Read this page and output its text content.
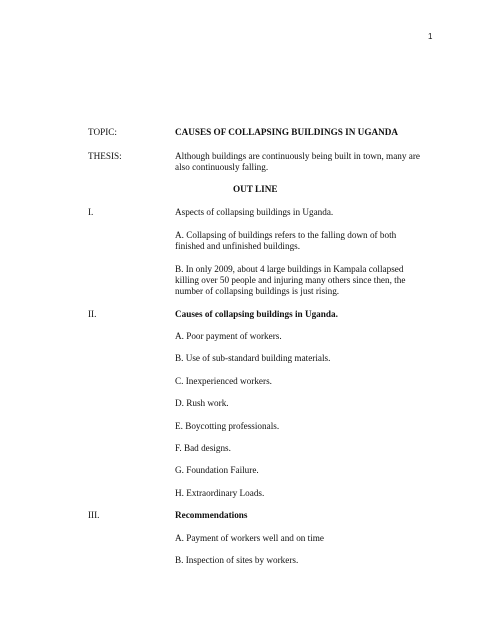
1
TOPIC:	CAUSES OF COLLAPSING BUILDINGS IN UGANDA
THESIS:	Although buildings are continuously being built in town, many are
also continuously falling.
OUT LINE
I.	Aspects of collapsing buildings in Uganda.
A. Collapsing of buildings refers to the falling down of both
finished and unfinished buildings.
B. In only 2009, about 4 large buildings in Kampala collapsed
killing over 50 people and injuring many others since then, the
number of collapsing buildings is just rising.
II.	Causes of collapsing buildings in Uganda.
A. Poor payment of workers.
B. Use of sub-standard building materials.
C. Inexperienced workers.
D. Rush work.
E. Boycotting professionals.
F. Bad designs.
G. Foundation Failure.
H. Extraordinary Loads.
III.	Recommendations
A. Payment of workers well and on time
B. Inspection of sites by workers.
